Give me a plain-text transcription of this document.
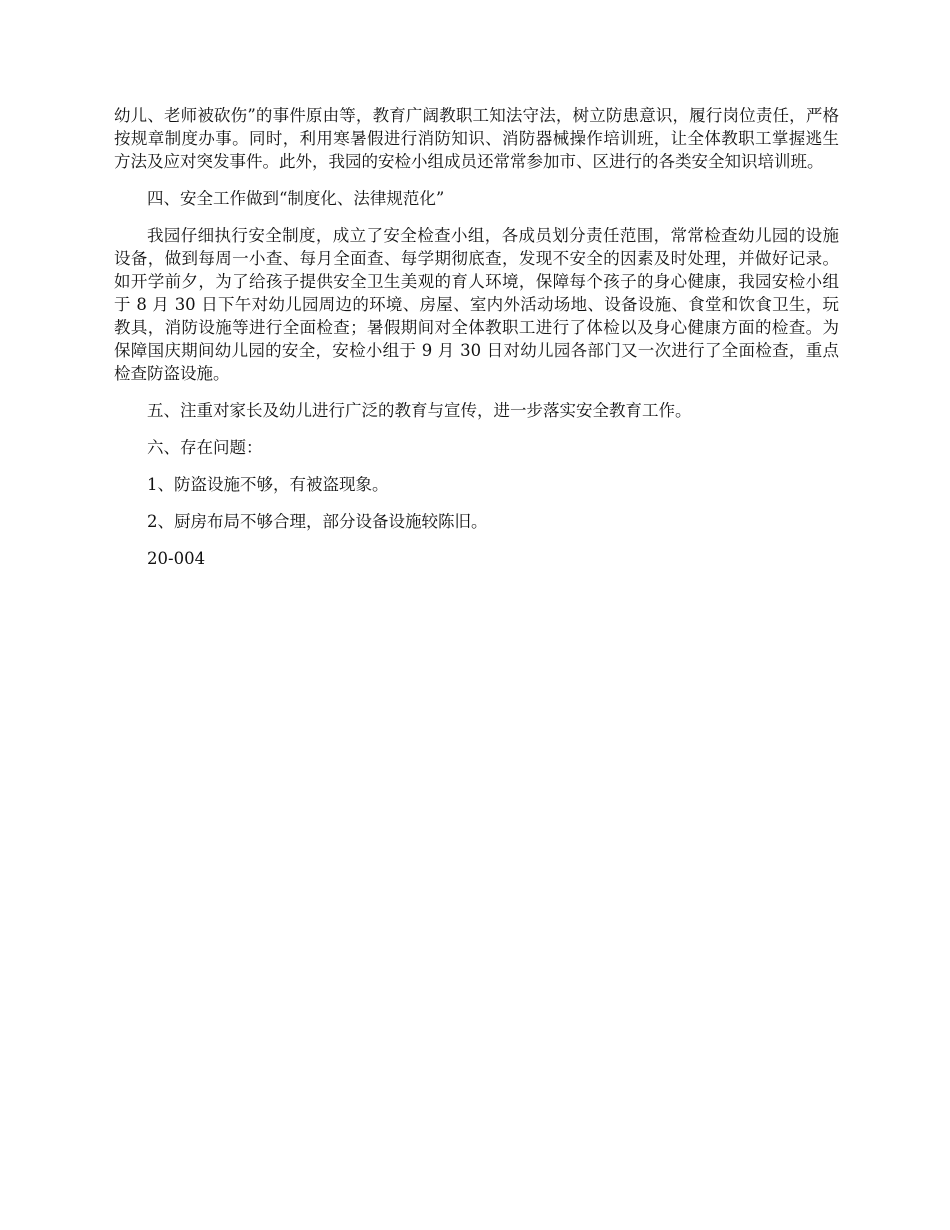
幼儿、老师被砍伤”的事件原由等，教育广阔教职工知法守法，树立防患意识，履行岗位责任，严格按规章制度办事。同时，利用寒暑假进行消防知识、消防器械操作培训班，让全体教职工掌握逃生方法及应对突发事件。此外，我园的安检小组成员还常常参加市、区进行的各类安全知识培训班。

四、安全工作做到“制度化、法律规范化”

我园仔细执行安全制度，成立了安全检查小组，各成员划分责任范围，常常检查幼儿园的设施设备，做到每周一小查、每月全面查、每学期彻底查，发现不安全的因素及时处理，并做好记录。如开学前夕，为了给孩子提供安全卫生美观的育人环境，保障每个孩子的身心健康，我园安检小组于 8 月 30 日下午对幼儿园周边的环境、房屋、室内外活动场地、设备设施、食堂和饮食卫生，玩教具，消防设施等进行全面检查；暑假期间对全体教职工进行了体检以及身心健康方面的检查。为保障国庆期间幼儿园的安全，安检小组于 9 月 30 日对幼儿园各部门又一次进行了全面检查，重点检查防盗设施。

五、注重对家长及幼儿进行广泛的教育与宣传，进一步落实安全教育工作。

六、存在问题：

1、防盗设施不够，有被盗现象。

2、厨房布局不够合理，部分设备设施较陈旧。

20-004
